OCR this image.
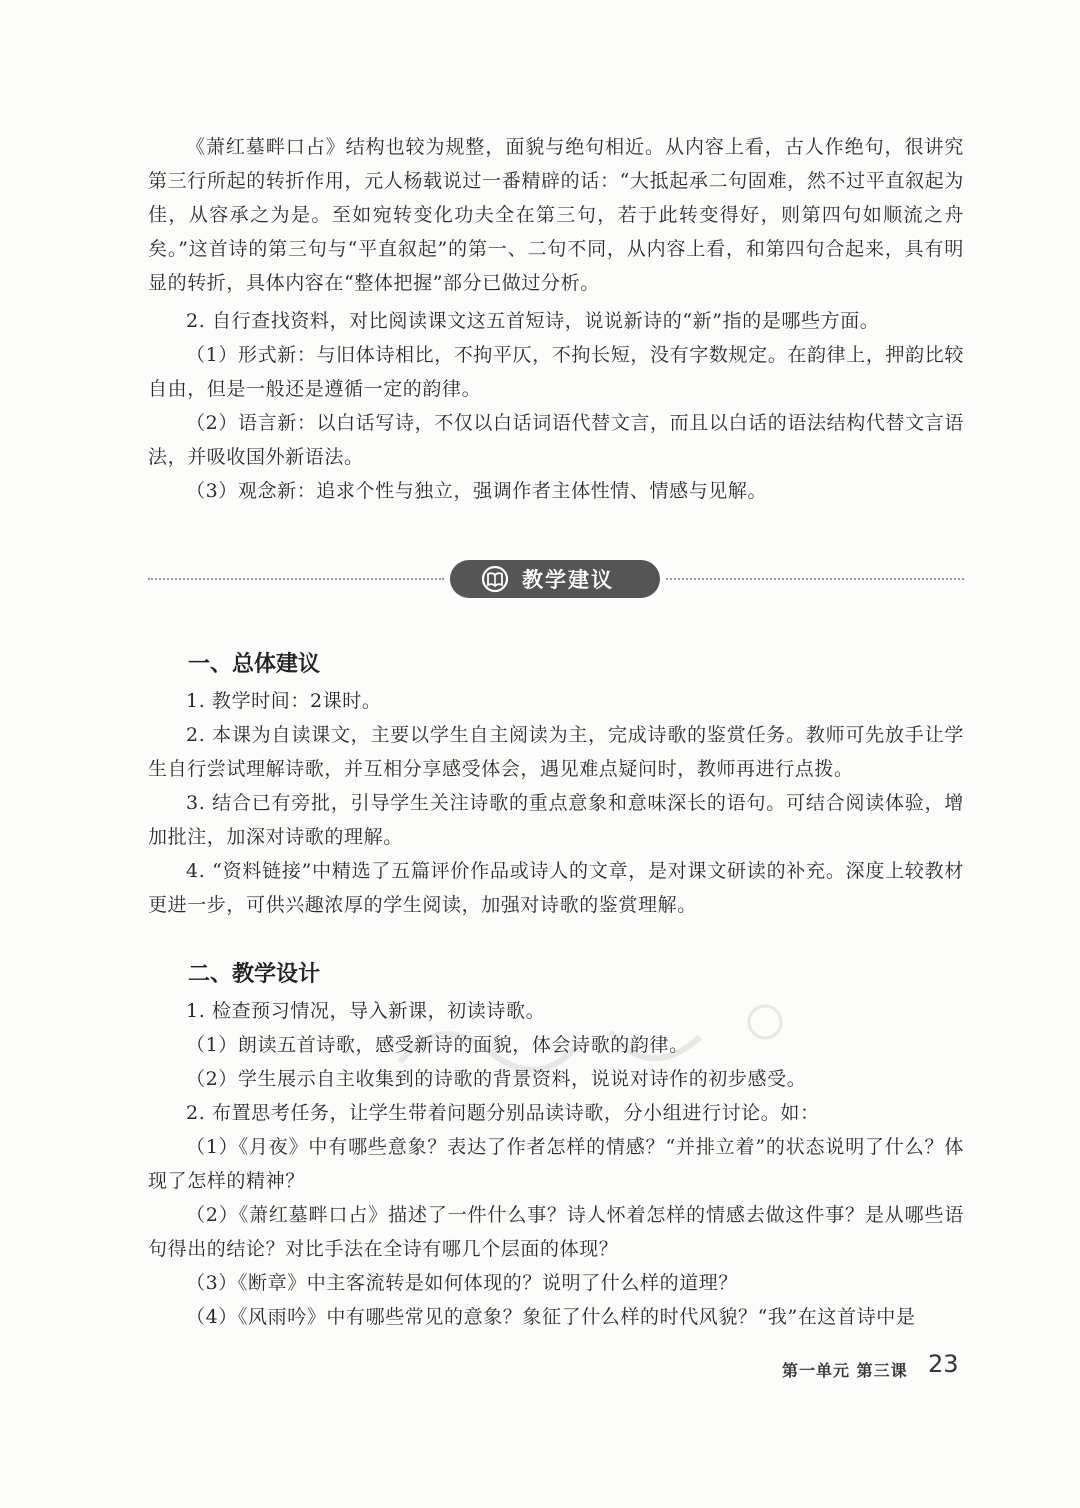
《萧红墓畔口占》结构也较为规整，面貌与绝句相近。从内容上看，古人作绝句，很讲究第三行所起的转折作用，元人杨载说过一番精辟的话：“大抵起承二句固难，然不过平直叙起为佳，从容承之为是。至如宛转变化功夫全在第三句，若于此转变得好，则第四句如顺流之舟矣。”这首诗的第三句与“平直叙起”的第一、二句不同，从内容上看，和第四句合起来，具有明显的转折，具体内容在“整体把握”部分已做过分析。

2. 自行查找资料，对比阅读课文这五首短诗，说说新诗的“新”指的是哪些方面。

（1）形式新：与旧体诗相比，不拘平仄，不拘长短，没有字数规定。在韵律上，押韵比较自由，但是一般还是遵循一定的韵律。

（2）语言新：以白话写诗，不仅以白话词语代替文言，而且以白话的语法结构代替文言语法，并吸收国外新语法。

（3）观念新：追求个性与独立，强调作者主体性情、情感与见解。

教学建议
一、总体建议

1. 教学时间：2课时。

2. 本课为自读课文，主要以学生自主阅读为主，完成诗歌的鉴赏任务。教师可先放手让学生自行尝试理解诗歌，并互相分享感受体会，遇见难点疑问时，教师再进行点拨。

3. 结合已有旁批，引导学生关注诗歌的重点意象和意味深长的语句。可结合阅读体验，增加批注，加深对诗歌的理解。

4. “资料链接”中精选了五篇评价作品或诗人的文章，是对课文研读的补充。深度上较教材更进一步，可供兴趣浓厚的学生阅读，加强对诗歌的鉴赏理解。

二、教学设计

1. 检查预习情况，导入新课，初读诗歌。

（1）朗读五首诗歌，感受新诗的面貌，体会诗歌的韵律。

（2）学生展示自主收集到的诗歌的背景资料，说说对诗作的初步感受。

2. 布置思考任务，让学生带着问题分别品读诗歌，分小组进行讨论。如：

（1）《月夜》中有哪些意象？表达了作者怎样的情感？“并排立着”的状态说明了什么？体现了怎样的精神？

（2）《萧红墓畔口占》描述了一件什么事？诗人怀着怎样的情感去做这件事？是从哪些语句得出的结论？对比手法在全诗有哪几个层面的体现？

（3）《断章》中主客流转是如何体现的？说明了什么样的道理？

（4）《风雨吟》中有哪些常见的意象？象征了什么样的时代风貌？“我”在这首诗中是

第一单元 第三课 23
